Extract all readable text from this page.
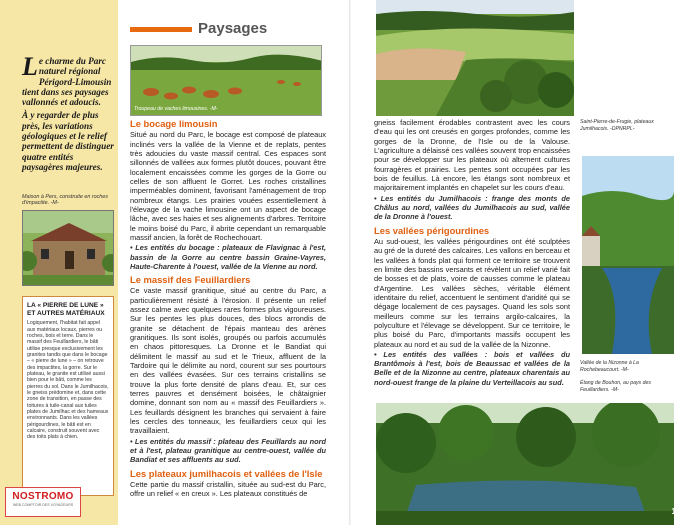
Le charme du Parc naturel régional Périgord-Limousin tient dans ses paysages vallonnés et adoucis.

À y regarder de plus près, les variations géologiques et le relief permettent de distinguer quatre entités paysagères majeures.

Maison à Pers, construite en roches d'impactite. -M-
LA « PIERRE DE LUNE » ET AUTRES MATÉRIAUX
Logiquement, l'habitat fait appel aux matériaux locaux, pierres ou roches, bois et terre. Dans le massif des Feuillardiers, le bâti utilise presque exclusivement les granites tandis que dans le bocage – « pierre de lune » – on retrouve des impactites, la gorre. Sur le plateau, le granite est utilisé aussi bien pour le bâti, comme les pierres du sol. Dans le Jumilhacois, le gneiss prédomine et, dans cette zone de transition, en passe des toitures à tuile-canal aux tuiles plates de Jumilhac et des hameaux environnants. Dans les vallées périgourdines, le bâti est en calcaire, construit souvent avec des toits plats à chien.
Paysages
Troupeau de vaches limousines. -M-
Le bocage limousin
Situé au nord du Parc, le bocage est composé de plateaux inclinés vers la vallée de la Vienne et de replats, pentes très adoucies du vaste massif central. Ces espaces sont sillonnés de vallées aux formes plutôt douces, pouvant être localement encaissées comme les gorges de la Gorre ou celles de son affluent le Gorret. Les roches cristallines imperméables dominent, favorisant l'aménagement de trop nombreux étangs. Les prairies vouées essentiellement à l'élevage de la vache limousine ont un aspect de bocage lâche, avec ses haies et ses alignements d'arbres. Territoire le moins boisé du Parc, il abrite cependant un remarquable massif ancien, la forêt de Rochechouart.
• Les entités du bocage : plateaux de Flavignac à l'est, bassin de la Gorre au centre bassin Graine-Vayres, Haute-Charente à l'ouest, vallée de la Vienne au nord.
Le massif des Feuillardiers
Ce vaste massif granitique, situé au centre du Parc, a particulièrement résisté à l'érosion. Il présente un relief assez calme avec quelques rares formes plus vigoureuses. Sur les pentes les plus douces, des blocs arrondis de granite se détachent de l'épais manteau des arènes granitiques. Ils sont isolés, groupés ou parfois accumulés en chaos pittoresques. La Dronne et le Bandiat qui délimitent le massif au sud et le Trieux, affluent de la Tardoire qui le délimite au nord, courent sur ses pourtours en des vallées évasées. Sur ces terrains cristallins se trouve la plus forte densité de plans d'eau. Et, sur ces terres pauvres et densément boisées, le châtaignier domine, donnant son nom au « massif des Feuillardiers ». Les feuillards désignent les branches qui servaient à faire les cercles des tonneaux, les feuillardiers ceux qui les travaillaient.
• Les entités du massif : plateau des Feuillards au nord et à l'est, plateau granitique au centre-ouest, vallée du Bandiat et ses affluents au sud.
Les plateaux jumilhacois et vallées de l'Isle
Cette partie du massif cristallin, située au sud-est du Parc, offre un relief « en creux ». Les plateaux constitués de
Saint-Pierre-de-Frugie, plateaux Jumilhacois. -DPNRPL-
gneiss facilement érodables contrastent avec les cours d'eau qui les ont creusés en gorges profondes, comme les gorges de la Dronne, de l'Isle ou de la Valouse. L'agriculture a délaissé ces vallées souvent trop encaissées pour se développer sur les plateaux où alternent cultures fourragères et prairies. Les pentes sont occupées par les bois de feuillus. Là encore, les étangs sont nombreux et majoritairement implantés en chapelet sur les cours d'eau.
• Les entités du Jumilhacois : frange des monts de Châlus au nord, vallées du Jumilhacois au sud, vallée de la Dronne à l'ouest.
Les vallées périgourdines
Au sud-ouest, les vallées périgourdines ont été sculptées au gré de la dureté des calcaires. Les vallons en berceau et les vallées à fonds plat qui forment ce territoire se trouvent en limite des bassins versants et révèlent un relief varié fait de bosses et de plats, voire de causses comme le plateau d'Argentine. Les vallées sèches, véritable élément identitaire du relief, accentuent le sentiment d'aridité qui se dégage localement de ces paysages. Quand les sols sont meilleurs comme sur les terrains argilo-calcaires, la polyculture et l'élevage se développent. Sur ce territoire, le plus boisé du Parc, d'importants massifs occupent les plateaux au nord et au sud de la vallée de la Nizonne.
• Les entités des vallées : bois et vallées du Brantômois à l'est, bois de Beaussac et vallées de la Belle et de la Nizonne au centre, plateaux charentais au nord-ouest frange de la plaine du Verteillacois au sud.
Vallée de la Nizonne à La Rochebeaucourt. -M-
Étang de Bouhon, au pays des Feuillardiers. -M-
11
NOSTROMO
WEB COMPTOIR DES VOYAGEURS
